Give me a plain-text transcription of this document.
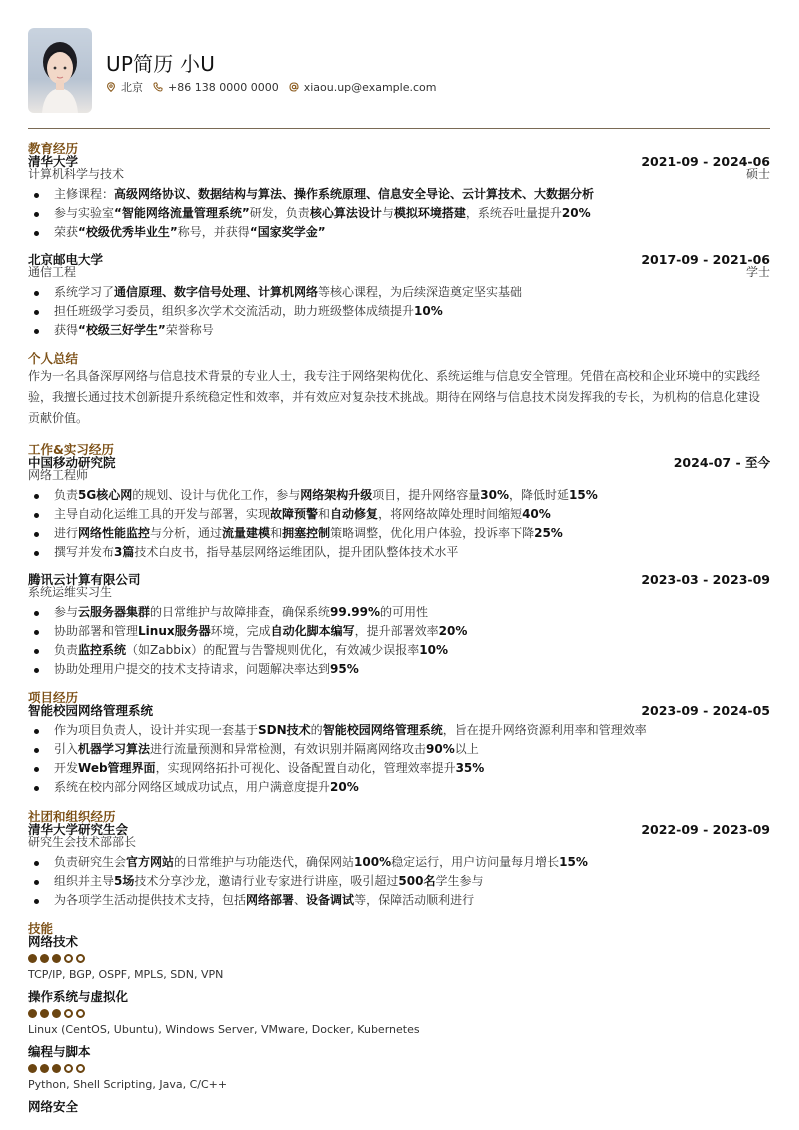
UP简历 小U
北京 +86 138 0000 0000 xiaou.up@example.com
教育经历
清华大学	2021-09 - 2024-06
计算机科学与技术	硕士
主修课程：高级网络协议、数据结构与算法、操作系统原理、信息安全导论、云计算技术、大数据分析
参与实验室“智能网络流量管理系统”研发，负责核心算法设计与模拟环境搭建，系统吞吐量提升20%
荣获“校级优秀毕业生”称号，并获得“国家奖学金”
北京邮电大学	2017-09 - 2021-06
通信工程	学士
系统学习了通信原理、数字信号处理、计算机网络等核心课程，为后续深造奠定坚实基础
担任班级学习委员，组织多次学术交流活动，助力班级整体成绩提升10%
获得“校级三好学生”荣誉称号
个人总结
作为一名具备深厚网络与信息技术背景的专业人士，我专注于网络架构优化、系统运维与信息安全管理。凭借在高校和企业环境中的实践经验，我擅长通过技术创新提升系统稳定性和效率，并有效应对复杂技术挑战。期待在网络与信息技术岗发挥我的专长，为机构的信息化建设贡献价值。
工作&实习经历
中国移动研究院	2024-07 - 至今
网络工程师
负责5G核心网的规划、设计与优化工作，参与网络架构升级项目，提升网络容量30%，降低时延15%
主导自动化运维工具的开发与部署，实现故障预警和自动修复，将网络故障处理时间缩短40%
进行网络性能监控与分析，通过流量建模和拥塞控制策略调整，优化用户体验，投诉率下降25%
撰写并发布3篇技术白皮书，指导基层网络运维团队，提升团队整体技术水平
腾讯云计算有限公司	2023-03 - 2023-09
系统运维实习生
参与云服务器集群的日常维护与故障排查，确保系统99.99%的可用性
协助部署和管理Linux服务器环境，完成自动化脚本编写，提升部署效率20%
负责监控系统（如Zabbix）的配置与告警规则优化，有效减少误报率10%
协助处理用户提交的技术支持请求，问题解决率达到95%
项目经历
智能校园网络管理系统	2023-09 - 2024-05
作为项目负责人，设计并实现一套基于SDN技术的智能校园网络管理系统，旨在提升网络资源利用率和管理效率
引入机器学习算法进行流量预测和异常检测，有效识别并隔离网络攻击90%以上
开发Web管理界面，实现网络拓扑可视化、设备配置自动化，管理效率提升35%
系统在校内部分网络区域成功试点，用户满意度提升20%
社团和组织经历
清华大学研究生会	2022-09 - 2023-09
研究生会技术部部长
负责研究生会官方网站的日常维护与功能迭代，确保网站100%稳定运行，用户访问量每月增长15%
组织并主导5场技术分享沙龙，邀请行业专家进行讲座，吸引超过500名学生参与
为各项学生活动提供技术支持，包括网络部署、设备调试等，保障活动顺利进行
技能
网络技术
TCP/IP, BGP, OSPF, MPLS, SDN, VPN
操作系统与虚拟化
Linux (CentOS, Ubuntu), Windows Server, VMware, Docker, Kubernetes
编程与脚本
Python, Shell Scripting, Java, C/C++
网络安全
